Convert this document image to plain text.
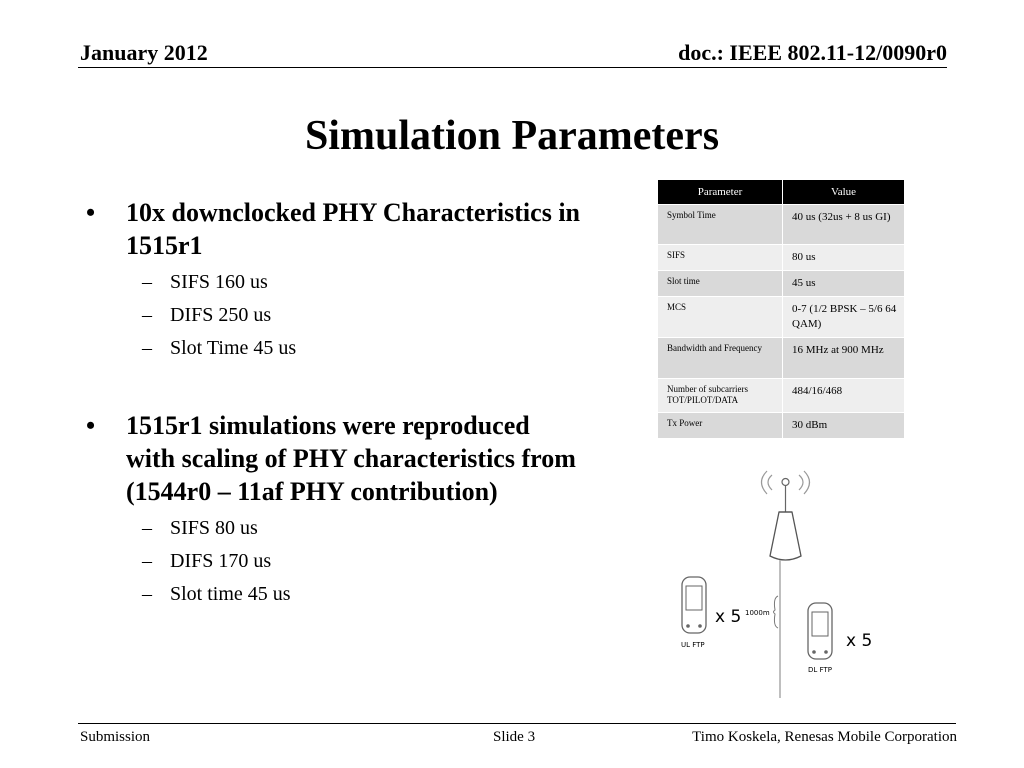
January 2012	doc.: IEEE 802.11-12/0090r0
Simulation Parameters
• 10x downclocked PHY Characteristics in 1515r1
– SIFS 160 us
– DIFS 250 us
– Slot Time 45 us
• 1515r1 simulations were reproduced with scaling of PHY characteristics from (1544r0 – 11af PHY contribution)
– SIFS 80 us
– DIFS 170 us
– Slot time 45 us
Parameter	Value
Symbol Time	40 us (32us + 8 us GI)
SIFS	80 us
Slot time	45 us
MCS	0-7 (1/2 BPSK – 5/6 64 QAM)
Bandwidth and Frequency	16 MHz at 900 MHz
Number of subcarriers TOT/PILOT/DATA	484/16/468
Tx Power	30 dBm
x 5 1000m
UL FTP	x 5
DL FTP
Submission	Slide 3	Timo Koskela, Renesas Mobile Corporation
